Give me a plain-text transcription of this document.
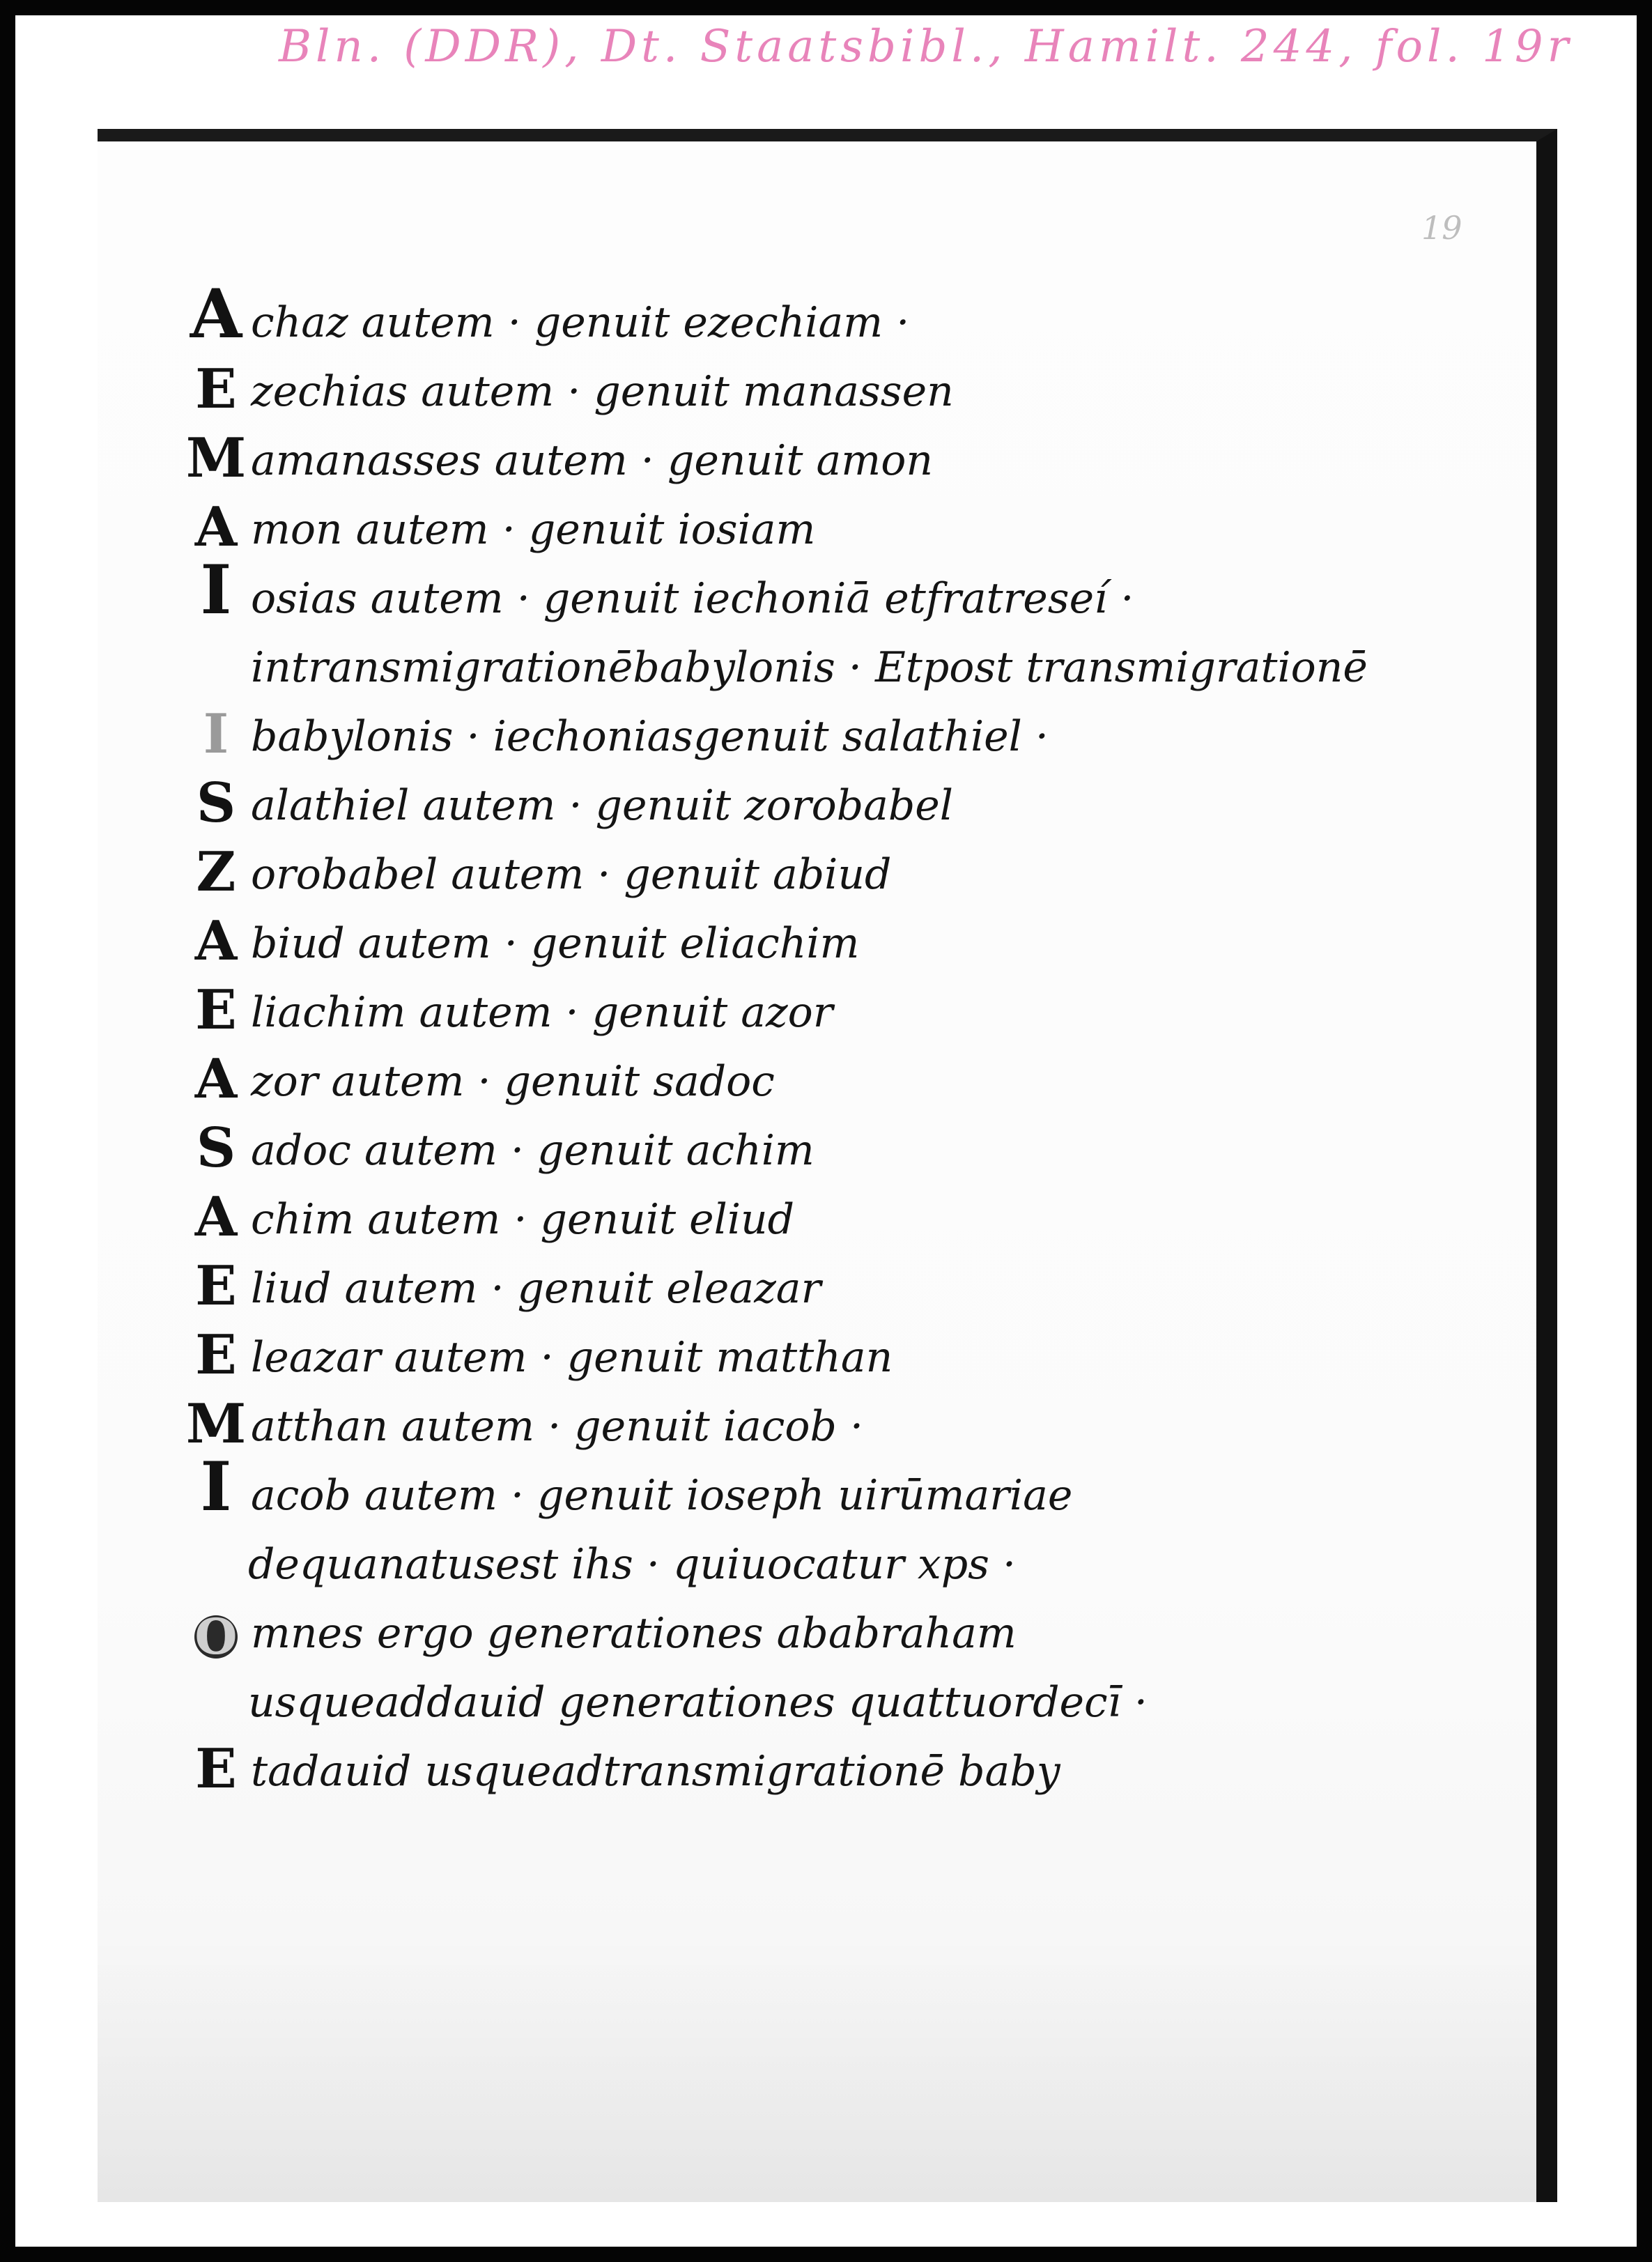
Bln. (DDR), Dt. Staatsbibl., Hamilt. 244, fol. 19r
19
A chaz autem · genuit ezechiam ·
E zechias autem · genuit manassen
M amanasses autem · genuit amon
A mon autem · genuit iosiam
I osias autem · genuit iechoniā etfratreseí ·
intransmigrationēbabylonis · Etpost transmigrationē
I babylonis · iechoniasgenuit salathiel ·
S alathiel autem · genuit zorobabel
Z orobabel autem · genuit abiud
A biud autem · genuit eliachim
E liachim autem · genuit azor
A zor autem · genuit sadoc
S adoc autem · genuit achim
A chim autem · genuit eliud
E liud autem · genuit eleazar
E leazar autem · genuit matthan
M atthan autem · genuit iacob ·
I acob autem · genuit ioseph uirūmariae
dequanatusest ihs · quiuocatur xps ·
O mnes ergo generationes ababraham
usqueaddauid generationes quattuordecī ·
E tadauid usqueadtransmigrationē baby
